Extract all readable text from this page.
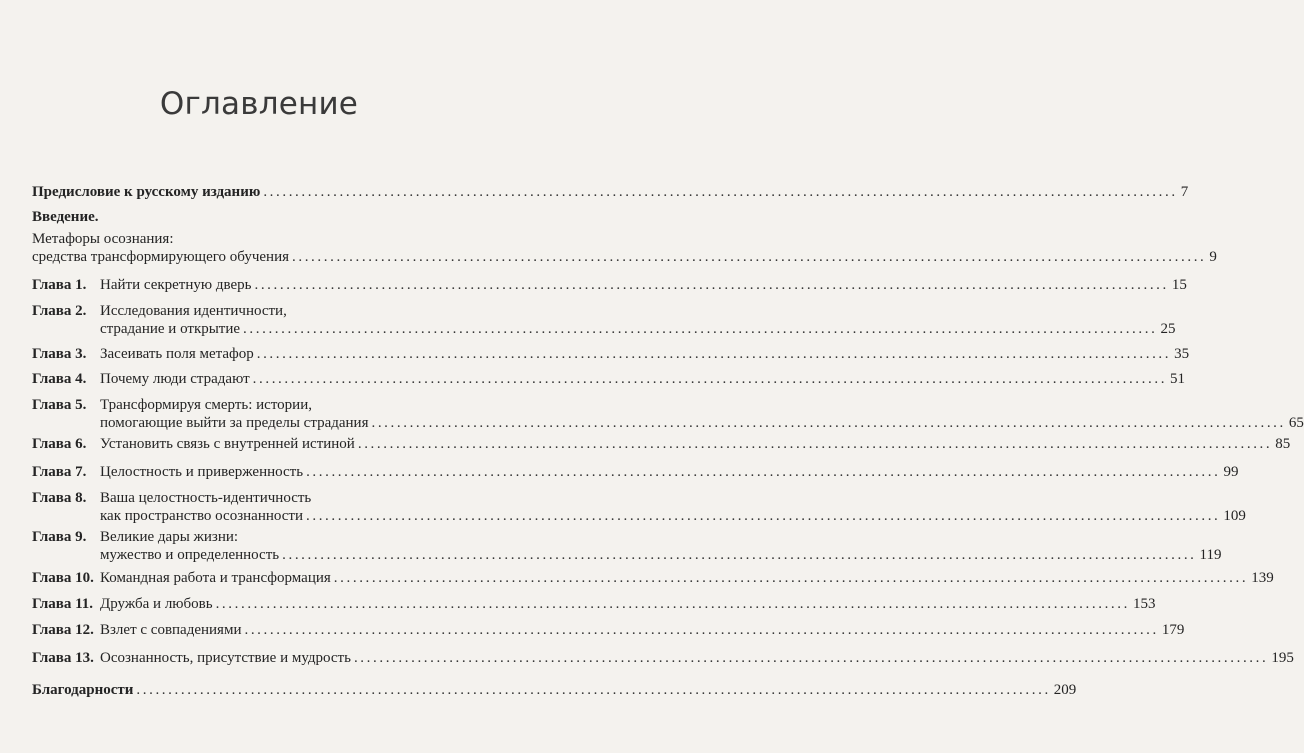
Оглавление
Предисловие к русскому изданию .....	7
Введение.
Метафоры осознания:
средства трансформирующего обучения .....	9
Глава 1. Найти секретную дверь .....	15
Глава 2. Исследования идентичности,
страдание и открытие .....	25
Глава 3. Засеивать поля метафор .....	35
Глава 4. Почему люди страдают .....	51
Глава 5. Трансформируя смерть: истории,
помогающие выйти за пределы страдания .....	65
Глава 6. Установить связь с внутренней истиной .....	85
Глава 7. Целостность и приверженность .....	99
Глава 8. Ваша целостность-идентичность
как пространство осознанности .....	109
Глава 9. Великие дары жизни:
мужество и определенность .....	119
Глава 10. Командная работа и трансформация .....	139
Глава 11. Дружба и любовь .....	153
Глава 12. Взлет с совпадениями .....	179
Глава 13. Осознанность, присутствие и мудрость .....	195
Благодарности .....	209
